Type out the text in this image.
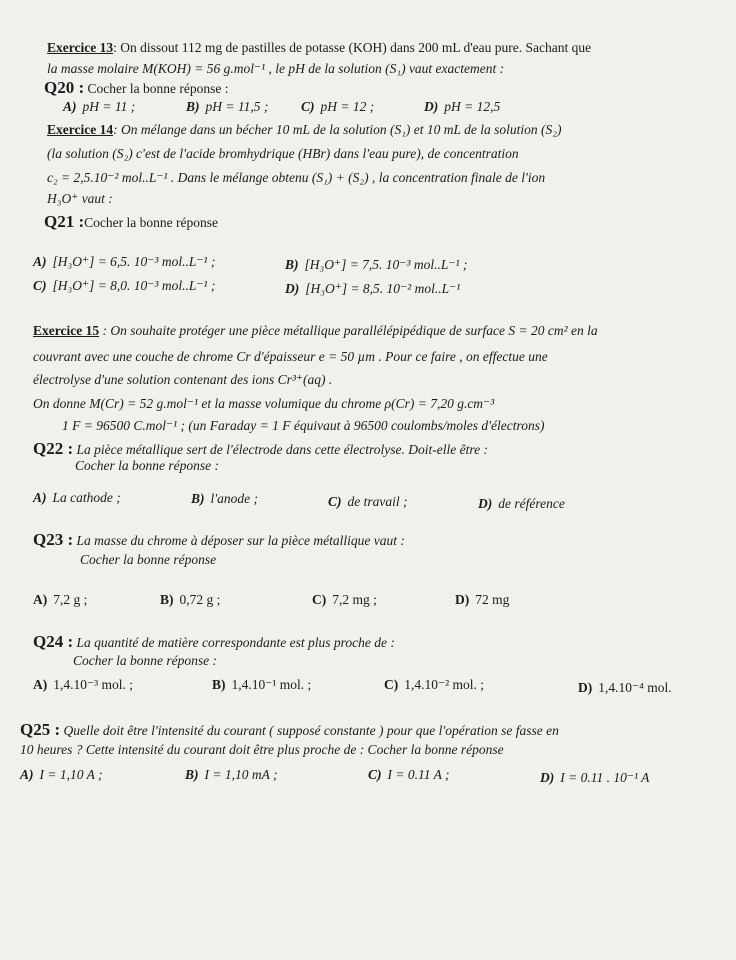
Exercice 13: On dissout 112 mg de pastilles de potasse (KOH) dans 200 mL d'eau pure. Sachant que
la masse molaire M(KOH) = 56 g.mol⁻¹ , le pH de la solution (S₁) vaut exactement :
Q20 : Cocher la bonne réponse :
A) pH = 11 ;	B) pH = 11,5 ; C) pH = 12 ;	D) pH = 12,5
Exercice 14: On mélange dans un bécher 10 mL de la solution (S₁) et 10 mL de la solution (S₂)
(la solution (S₂) c'est de l'acide bromhydrique (HBr) dans l'eau pure), de concentration
c₂ = 2,5.10⁻² mol..L⁻¹ . Dans le mélange obtenu (S₁) + (S₂) , la concentration finale de l'ion
H₃O⁺ vaut :
Q21 :Cocher la bonne réponse
A) [H₃O⁺] = 6,5. 10⁻³ mol..L⁻¹ ;	B) [H₃O⁺] = 7,5. 10⁻³ mol..L⁻¹ ;
C) [H₃O⁺] = 8,0. 10⁻³ mol..L⁻¹ ;	D) [H₃O⁺] = 8,5. 10⁻² mol..L⁻¹
Exercice 15 : On souhaite protéger une pièce métallique parallélépipédique de surface S = 20 cm² en la
couvrant avec une couche de chrome Cr d'épaisseur e = 50 µm . Pour ce faire , on effectue une
électrolyse d'une solution contenant des ions Cr³⁺(aq) .
On donne M(Cr) = 52 g.mol⁻¹ et la masse volumique du chrome ρ(Cr) = 7,20 g.cm⁻³
1 F = 96500 C.mol⁻¹ ; (un Faraday = 1 F équivaut à 96500 coulombs/moles d'électrons)
Q22 : La pièce métallique sert de l'électrode dans cette électrolyse. Doit-elle être :
Cocher la bonne réponse :
A) La cathode ;	B) l'anode ;	C) de travail ;	D) de référence
Q23 : La masse du chrome à déposer sur la pièce métallique vaut :
Cocher la bonne réponse
A) 7,2 g ;	B) 0,72 g ;	C) 7,2 mg ;	D) 72 mg
Q24 : La quantité de matière correspondante est plus proche de :
Cocher la bonne réponse :
A) 1,4.10⁻³ mol. ;	B) 1,4.10⁻¹ mol. ;	C) 1,4.10⁻² mol. ;	D) 1,4.10⁻⁴ mol.
Q25 : Quelle doit être l'intensité du courant ( supposé constante ) pour que l'opération se fasse en
10 heures ? Cette intensité du courant doit être plus proche de : Cocher la bonne réponse
A) I = 1,10 A ;	B) I = 1,10 mA ;	C) I = 0.11 A ;	D) I = 0.11 . 10⁻¹ A
